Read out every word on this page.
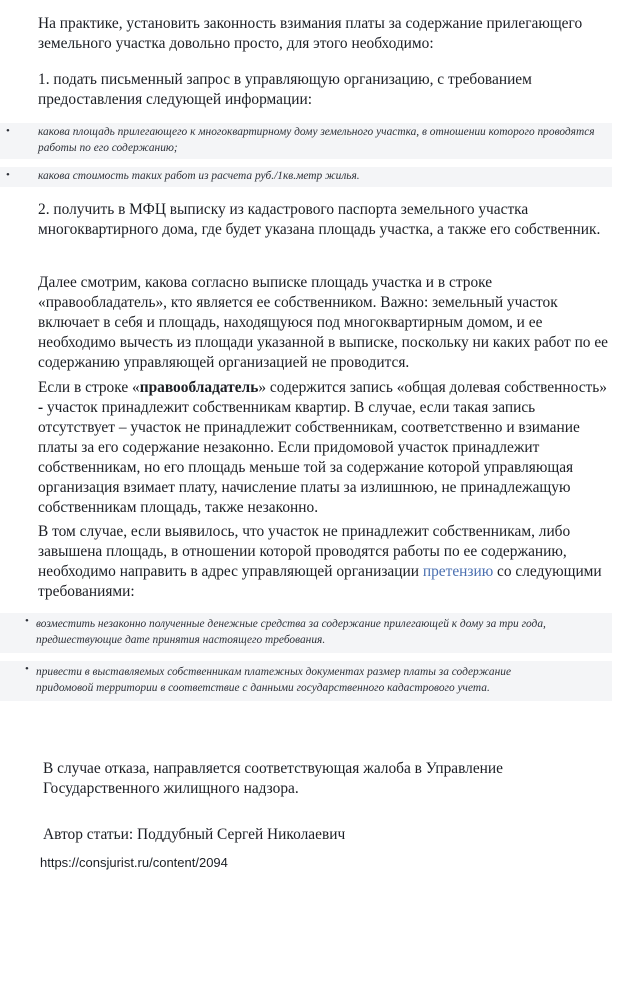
На практике, установить законность взимания платы за содержание прилегающего земельного участка довольно просто, для этого необходимо:

1. подать письменный запрос в управляющую организацию, с требованием предоставления следующей информации:

• какова площадь прилегающего к многоквартирному дому земельного участка, в отношении которого проводятся работы по его содержанию;
• какова стоимость таких работ из расчета руб./1кв.метр жилья.

2. получить в МФЦ выписку из кадастрового паспорта земельного участка многоквартирного дома, где будет указана площадь участка, а также его собственник.

Далее смотрим, какова согласно выписке площадь участка и в строке «правообладатель», кто является ее собственником. Важно: земельный участок включает в себя и площадь, находящуюся под многоквартирным домом, и ее необходимо вычесть из площади указанной в выписке, поскольку ни каких работ по ее содержанию управляющей организацией не проводится.

Если в строке «правообладатель» содержится запись «общая долевая собственность» - участок принадлежит собственникам квартир. В случае, если такая запись отсутствует – участок не принадлежит собственникам, соответственно и взимание платы за его содержание незаконно. Если придомовой участок принадлежит собственникам, но его площадь меньше той за содержание которой управляющая организация взимает плату, начисление платы за излишнюю, не принадлежащую собственникам площадь, также незаконно.

В том случае, если выявилось, что участок не принадлежит собственникам, либо завышена площадь, в отношении которой проводятся работы по ее содержанию, необходимо направить в адрес управляющей организации претензию со следующими требованиями:

• возместить незаконно полученные денежные средства за содержание прилегающей к дому за три года, предшествующие дате принятия настоящего требования.
• привести в выставляемых собственникам платежных документах размер платы за содержание придомовой территории в соответствие с данными государственного кадастрового учета.

В случае отказа, направляется соответствующая жалоба в Управление Государственного жилищного надзора.

Автор статьи: Поддубный Сергей Николаевич

https://consjurist.ru/content/2094
